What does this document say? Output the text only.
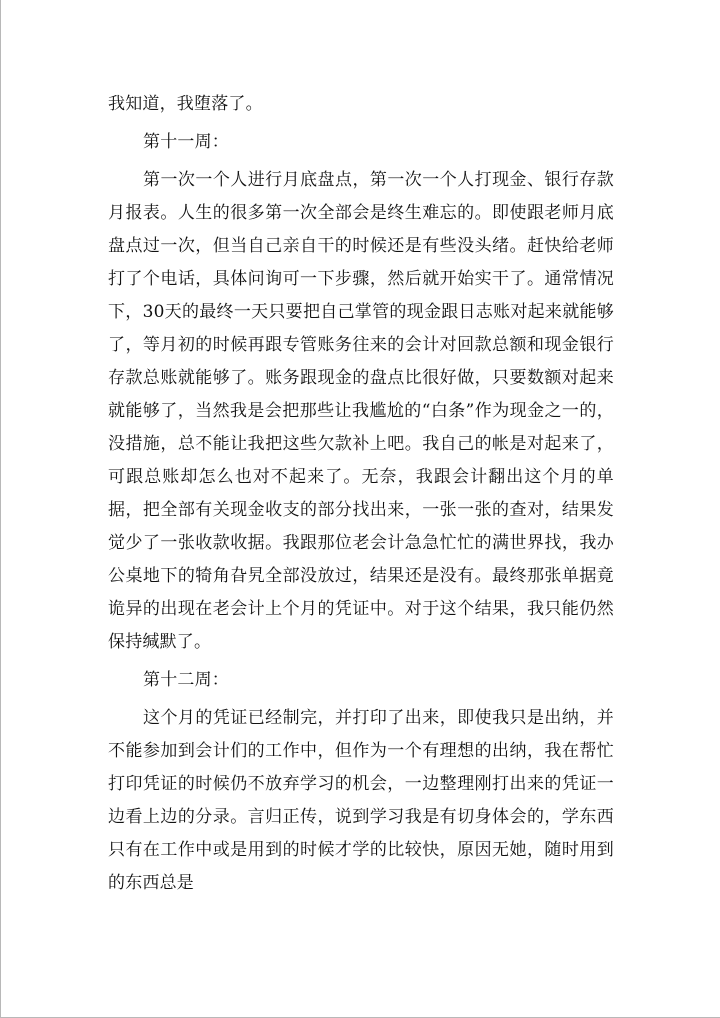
我知道，我堕落了。

第十一周：

第一次一个人进行月底盘点，第一次一个人打现金、银行存款月报表。人生的很多第一次全部会是终生难忘的。即使跟老师月底盘点过一次，但当自己亲自干的时候还是有些没头绪。赶快给老师打了个电话，具体问询可一下步骤，然后就开始实干了。通常情况下，30天的最终一天只要把自己掌管的现金跟日志账对起来就能够了，等月初的时候再跟专管账务往来的会计对回款总额和现金银行存款总账就能够了。账务跟现金的盘点比很好做，只要数额对起来就能够了，当然我是会把那些让我尴尬的“白条”作为现金之一的，没措施，总不能让我把这些欠款补上吧。我自己的帐是对起来了，可跟总账却怎么也对不起来了。无奈，我跟会计翻出这个月的单据，把全部有关现金收支的部分找出来，一张一张的查对，结果发觉少了一张收款收据。我跟那位老会计急急忙忙的满世界找，我办公桌地下的犄角旮旯全部没放过，结果还是没有。最终那张单据竟诡异的出现在老会计上个月的凭证中。对于这个结果，我只能仍然保持缄默了。

第十二周：

这个月的凭证已经制完，并打印了出来，即使我只是出纳，并不能参加到会计们的工作中，但作为一个有理想的出纳，我在帮忙打印凭证的时候仍不放弃学习的机会，一边整理刚打出来的凭证一边看上边的分录。言归正传，说到学习我是有切身体会的，学东西只有在工作中或是用到的时候才学的比较快，原因无她，随时用到的东西总是
